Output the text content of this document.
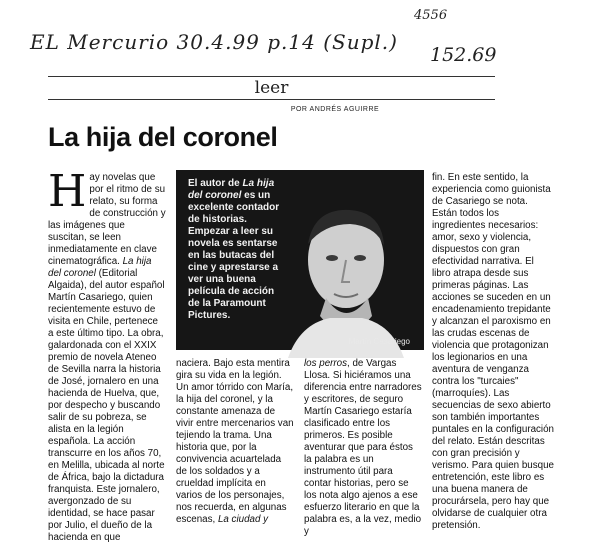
EL Mercurio 30.4.99 p.14 (Supl.)
4556
152.69
leer
POR ANDRÉS AGUIRRE
La hija del coronel

Hay novelas que por el ritmo de su relato, su forma de construcción y las imágenes que suscitan, se leen inmediatamente en clave cinematográfica. La hija del coronel (Editorial Algaida), del autor español Martín Casariego, quien recientemente estuvo de visita en Chile, pertenece a este último tipo. La obra, galardonada con el XXIX premio de novela Ateneo de Sevilla narra la historia de José, jornalero en una hacienda de Huelva, que, por despecho y buscando salir de su pobreza, se alista en la legión española. La acción transcurre en los años 70, en Melilla, ubicada al norte de África, bajo la dictadura franquista. Este jornalero, avergonzado de su identidad, se hace pasar por Julio, el dueño de la hacienda en que

El autor de La hija del coronel es un excelente contador de historias. Empezar a leer su novela es sentarse en las butacas del cine y aprestarse a ver una buena película de acción de la Paramount Pictures.
Martín Casariego

naciera. Bajo esta mentira gira su vida en la legión. Un amor tórrido con María, la hija del coronel, y la constante amenaza de vivir entre mercenarios van tejiendo la trama. Una historia que, por la convivencia acuartelada de los soldados y a crueldad implícita en varios de los personajes, nos recuerda, en algunas escenas, La ciudad y

los perros, de Vargas Llosa. Si hiciéramos una diferencia entre narradores y escritores, de seguro Martín Casariego estaría clasificado entre los primeros. Es posible aventurar que para éstos la palabra es un instrumento útil para contar historias, pero se los nota algo ajenos a ese esfuerzo literario en que la palabra es, a la vez, medio y

fin. En este sentido, la experiencia como guionista de Casariego se nota. Están todos los ingredientes necesarios: amor, sexo y violencia, dispuestos con gran efectividad narrativa. El libro atrapa desde sus primeras páginas. Las acciones se suceden en un encadenamiento trepidante y alcanzan el paroxismo en las crudas escenas de violencia que protagonizan los legionarios en una aventura de venganza contra los "turcaies" (marroquíes). Las secuencias de sexo abierto son también importantes puntales en la configuración del relato. Están descritas con gran precisión y verismo. Para quien busque entretención, este libro es una buena manera de procurársela, pero hay que olvidarse de cualquier otra pretensión.
